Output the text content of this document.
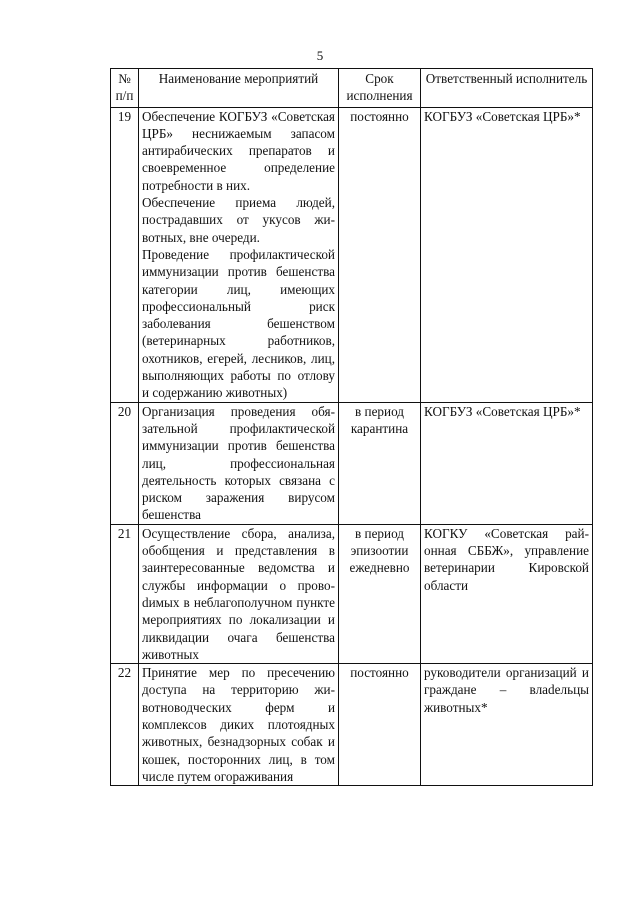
5
№ п/п	Наименование мероприятий	Срок исполнения	Ответственный исполнитель
19	Обеспечение КОГБУЗ «Советская ЦРБ» неснижаемым запасом антирабических препаратов и своевременное определение потребности в них.
Обеспечение приема людей, пострадавших от укусов животных, вне очереди.
Проведение профилактической иммунизации против бешенства категории лиц, имеющих профессиональный риск заболевания бешенством (ветеринарных работников, охотников, егерей, лесников, лиц, выполняющих работы по отлову и содержанию животных)	постоянно	КОГБУЗ «Советская ЦРБ»*
20	Организация проведения обязательной профилактической иммунизации против бешенства лиц, профессиональная деятельность которых связана с риском заражения вирусом бешенства	в период карантина	КОГБУЗ «Советская ЦРБ»*
21	Осуществление сбора, анализа, обобщения и представления в заинтересованные ведомства и службы информации о провоdимых в неблагополучном пункте мероприятиях по локализации и ликвидации очага бешенства животных	в период эпизоотии ежедневно	КОГКУ «Советская районная СББЖ», управление ветеринарии Кировской области
22	Принятие мер по пресечению доступа на территорию животноводческих ферм и комплексов диких плотоядных животных, безнадзорных собак и кошек, посторонних лиц, в том числе путем огораживания	постоянно	руководители организаций и граждане – влаdельцы животных*
